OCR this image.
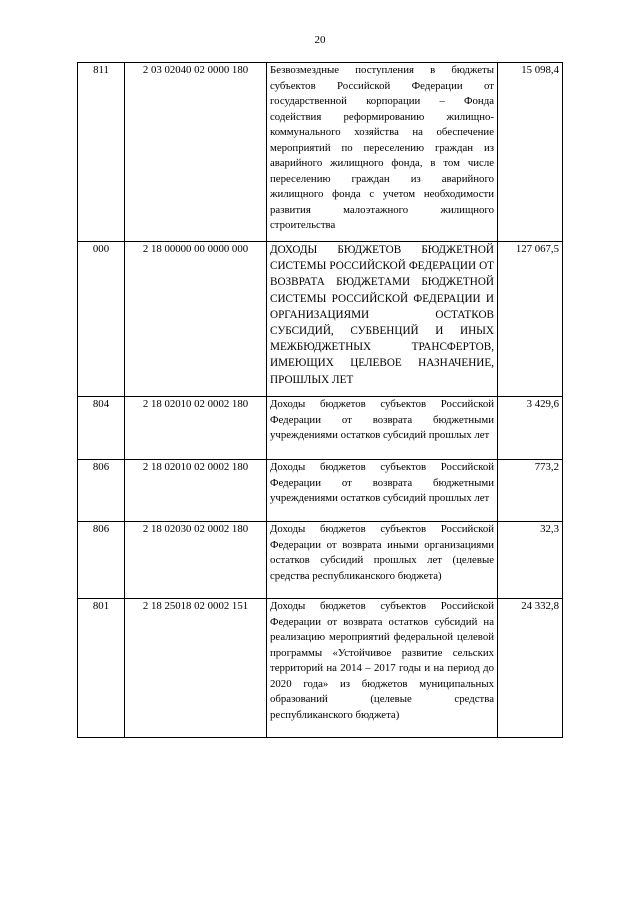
20
811	2 03 02040 02 0000 180	Безвозмездные поступления в бюджеты субъектов Российской Федерации от государственной корпорации – Фонда содействия реформированию жилищно-коммунального хозяйства на обеспечение мероприятий по переселению граждан из аварийного жилищного фонда, в том числе переселению граждан из аварийного жилищного фонда с учетом необходимости развития малоэтажного жилищного строительства	15 098,4
000	2 18 00000 00 0000 000	ДОХОДЫ БЮДЖЕТОВ БЮДЖЕТНОЙ СИСТЕМЫ РОССИЙСКОЙ ФЕДЕРАЦИИ ОТ ВОЗВРАТА БЮДЖЕТАМИ БЮДЖЕТНОЙ СИСТЕМЫ РОССИЙСКОЙ ФЕДЕРАЦИИ И ОРГАНИЗАЦИЯМИ ОСТАТКОВ СУБСИДИЙ, СУБВЕНЦИЙ И ИНЫХ МЕЖБЮДЖЕТНЫХ ТРАНСФЕРТОВ, ИМЕЮЩИХ ЦЕЛЕВОЕ НАЗНАЧЕНИЕ, ПРОШЛЫХ ЛЕТ	127 067,5
804	2 18 02010 02 0002 180	Доходы бюджетов субъектов Российской Федерации от возврата бюджетными учреждениями остатков субсидий прошлых лет	3 429,6
806	2 18 02010 02 0002 180	Доходы бюджетов субъектов Российской Федерации от возврата бюджетными учреждениями остатков субсидий прошлых лет	773,2
806	2 18 02030 02 0002 180	Доходы бюджетов субъектов Российской Федерации от возврата иными организациями остатков субсидий прошлых лет (целевые средства республиканского бюджета)	32,3
801	2 18 25018 02 0002 151	Доходы бюджетов субъектов Российской Федерации от возврата остатков субсидий на реализацию мероприятий федеральной целевой программы «Устойчивое развитие сельских территорий на 2014 – 2017 годы и на период до 2020 года» из бюджетов муниципальных образований (целевые средства республиканского бюджета)	24 332,8
